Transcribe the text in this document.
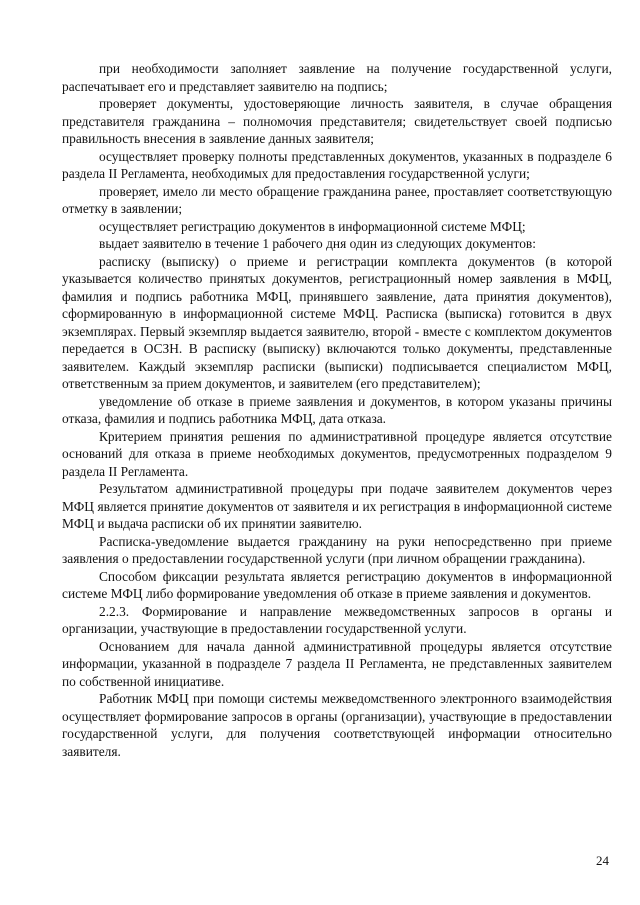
при необходимости заполняет заявление на получение государственной услуги, распечатывает его и представляет заявителю на подпись;

проверяет документы, удостоверяющие личность заявителя, в случае обращения представителя гражданина – полномочия представителя; свидетельствует своей подписью правильность внесения в заявление данных заявителя;

осуществляет проверку полноты представленных документов, указанных в подразделе 6 раздела II Регламента, необходимых для предоставления государственной услуги;

проверяет, имело ли место обращение гражданина ранее, проставляет соответствующую отметку в заявлении;

осуществляет регистрацию документов в информационной системе МФЦ;

выдает заявителю в течение 1 рабочего дня один из следующих документов:

расписку (выписку) о приеме и регистрации комплекта документов (в которой указывается количество принятых документов, регистрационный номер заявления в МФЦ, фамилия и подпись работника МФЦ, принявшего заявление, дата принятия документов), сформированную в информационной системе МФЦ. Расписка (выписка) готовится в двух экземплярах. Первый экземпляр выдается заявителю, второй - вместе с комплектом документов передается в ОСЗН. В расписку (выписку) включаются только документы, представленные заявителем. Каждый экземпляр расписки (выписки) подписывается специалистом МФЦ, ответственным за прием документов, и заявителем (его представителем);

уведомление об отказе в приеме заявления и документов, в котором указаны причины отказа, фамилия и подпись работника МФЦ, дата отказа.

Критерием принятия решения по административной процедуре является отсутствие оснований для отказа в приеме необходимых документов, предусмотренных подразделом 9 раздела II Регламента.

Результатом административной процедуры при подаче заявителем документов через МФЦ является принятие документов от заявителя и их регистрация в информационной системе МФЦ и выдача расписки об их принятии заявителю.

Расписка-уведомление выдается гражданину на руки непосредственно при приеме заявления о предоставлении государственной услуги (при личном обращении гражданина).

Способом фиксации результата является регистрацию документов в информационной системе МФЦ либо формирование уведомления об отказе в приеме заявления и документов.

2.2.3. Формирование и направление межведомственных запросов в органы и организации, участвующие в предоставлении государственной услуги.

Основанием для начала данной административной процедуры является отсутствие информации, указанной в подразделе 7 раздела II Регламента, не представленных заявителем по собственной инициативе.

Работник МФЦ при помощи системы межведомственного электронного взаимодействия осуществляет формирование запросов в органы (организации), участвующие в предоставлении государственной услуги, для получения соответствующей информации относительно заявителя.

24
